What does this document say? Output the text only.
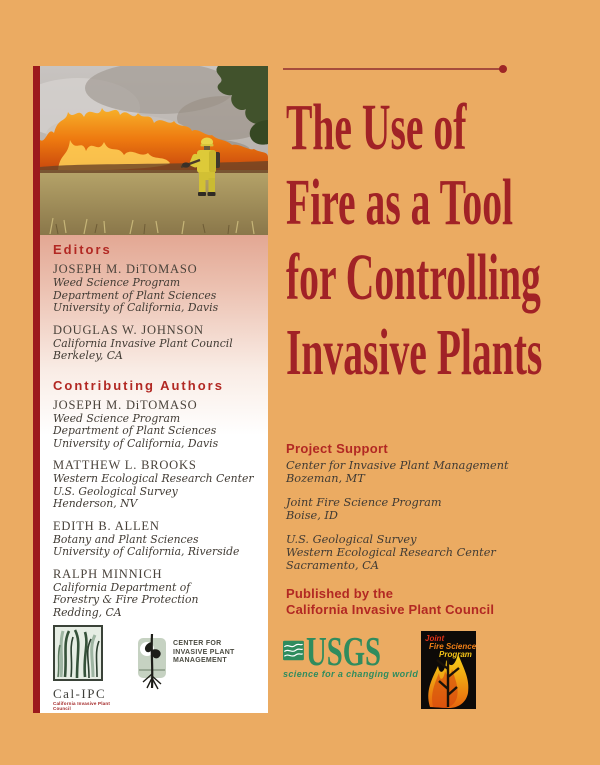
Editors
JOSEPH M. DiTOMASO
Weed Science Program
Department of Plant Sciences
University of California, Davis
DOUGLAS W. JOHNSON
California Invasive Plant Council
Berkeley, CA
Contributing Authors
JOSEPH M. DiTOMASO
Weed Science Program
Department of Plant Sciences
University of California, Davis
MATTHEW L. BROOKS
Western Ecological Research Center
U.S. Geological Survey
Henderson, NV
EDITH B. ALLEN
Botany and Plant Sciences
University of California, Riverside
RALPH MINNICH
California Department of
Forestry & Fire Protection
Redding, CA
Cal-IPC
California Invasive Plant Council
CENTER FOR
INVASIVE PLANT
MANAGEMENT
The Use of
Fire as a Tool
for Controlling
Invasive Plants
Project Support
Center for Invasive Plant Management
Bozeman, MT
Joint Fire Science Program
Boise, ID
U.S. Geological Survey
Western Ecological Research Center
Sacramento, CA
Published by the
California Invasive Plant Council
USGS
science for a changing world
Joint
Fire Science
Program
